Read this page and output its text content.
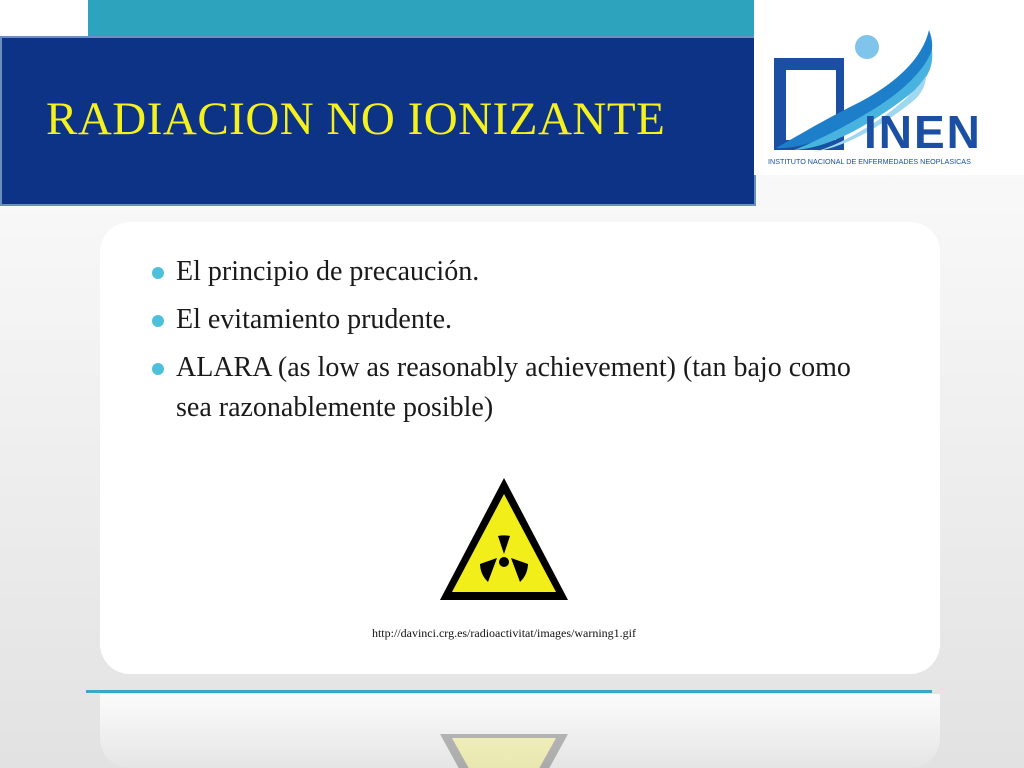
RADIACION NO IONIZANTE	INEN
INSTITUTO NACIONAL DE ENFERMEDADES NEOPLASICAS
El principio de precaución.
El evitamiento prudente.
ALARA (as low as reasonably achievement) (tan bajo como sea razonablemente posible)
http://davinci.crg.es/radioactivitat/images/warning1.gif
